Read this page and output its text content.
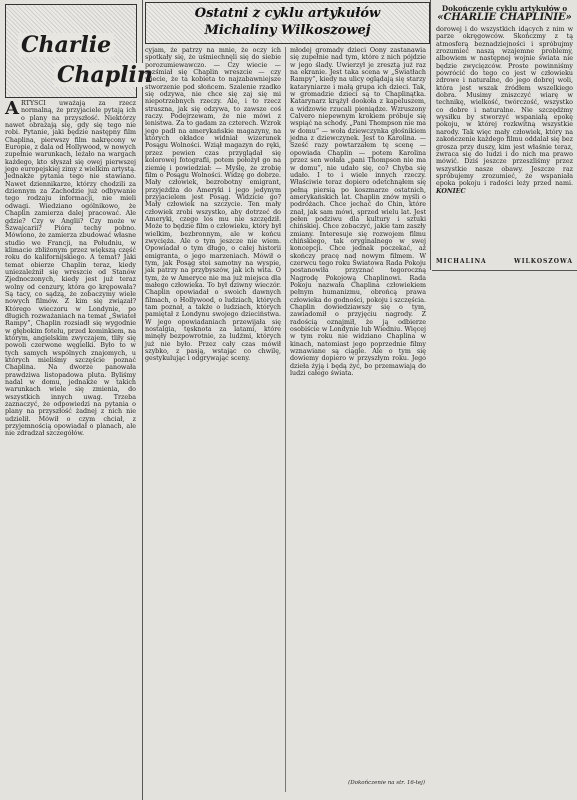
Charlie
Chaplin

ARTYSCI uważają za rzecz normalną, że przyjaciele pytają ich o plany na przyszłość. Niektórzy nawet obrażają się, gdy się tego nie robi. Pytanie, jaki będzie następny film Chaplina, pierwszy film nakręcony w Europie, z dala od Hollywood, w nowych zupełnie warunkach, leżało na wargach każdego, kto słyszał się owej pierwszej jego europejskiej zimy z wielkim artystą. Jednakże pytania tego nie stawiano. Nawet dziennikarze, którzy chodzili za dziennym za Zachodzie już odbywanie tego rodzaju informacji, nie mieli odwagi. Wiedziano ogólnikowo, że Chaplin zamierza dalej pracować. Ale gdzie? Czy w Anglii? Czy może w Szwajcarii? Pióra techy pobno. Mówiono, że zamierza zbudować własne studio we Francji, na Południu, w klimacie zbliżonym przez większą część roku do kalifornijskiego. A temat? Jaki temat obierze Chaplin teraz, kiedy uniezależnił się wreszcie od Stanów Zjednoczonych, kiedy jest już teraz wolny od cenzury, która go krępowała? Są tacy, co sądzą, że zobaczymy wiele nowych filmów. Z kim się związał? Którego wieczoru w Londynie, po długich rozważaniach na temat „Świateł Rampy”, Chaplin rozsiadł się wygodnie w głębokim fotelu, przed kominkiem, na którym, angielskim zwyczajem, tliły się powoli czerwone węgielki. Było to w tych samych wspólnych znajomych, u których mieliśmy szczęście poznać Chaplina. Na dworze panowała prawdziwa listopadowa pluta. Byliśmy nadal w domu, jednakże w takich warunkach wiele się zmienia, do wszystkich innych uwag. Trzeba zaznaczyć, że odpowiedzi na pytania o plany na przyszłość żadnej z nich nie udzielił. Mówił o czym chciał, z przyjemnością opowiadał o planach, ale nie zdradzał szczegółów.

Ostatni z cyklu artykułów
Michaliny Wilkoszowej

cyjam, że patrzy na mnie, że oczy ich spotkały się, że uśmiechnęli się do siebie porozumiewawczo. — Czy wiecie — rozśmiał się Chaplin wreszcie — czy wiecie, że ta kobieta to najzabawniejsze stworzenie pod słońcem. Szalenie rzadko się odzywa, nie chce się zaj się mi niepotrzebnych rzeczy. Ale, i to rzecz straszna, jak się odzywa, to zawsze coś raczy. Podejrzewam, że nie mówi z lenistwa. Za to gadam za czterech. Wzrok jego padł na amerykańskie magazyny, na których okładce widniał wizerunek Posągu Wolności. Wziął magazyn do ręki, przez pewien czas przyglądał się kolorowej fotografii, potem położył go na ziemię i powiedział: — Myślę, że zrobię film o Posągu Wolności. Widzę go dobrze. Mały człowiek, bezrobotny emigrant, przyjeżdża do Ameryki i jego jedynym przyjacielem jest Posąg. Widzicie go? Mały człowiek na szczycie. Ten mały człowiek zrobi wszystko, aby dotrzeć do Ameryki, czego los mu nie szczędził. Może to będzie film o człowieku, który był wielkim, bezbronnym, ale w końcu zwycięża. Ale o tym jeszcze nie wiem. Opowiadał o tym długo, o całej historii emigranta, o jego marzeniach. Mówił o tym, jak Posąg stoi samotny na wyspie, jak patrzy na przybyszów, jak ich wita. O tym, że w Ameryce nie ma już miejsca dla małego człowieka. To był dziwny wieczór. Chaplin opowiadał o swoich dawnych filmach, o Hollywood, o ludziach, których tam poznał, a także o ludziach, których pamiętał z Londynu swojego dzieciństwa. W jego opowiadaniach przewijała się nostalgia, tęsknota za latami, które minęły bezpowrotnie, za ludźmi, których już nie było. Przez cały czas mówił szybko, z pasją, wstając co chwilę, gestykulując i odgrywając sceny.

młodej gromady dzieci Oony zastanawia się zupełnie nad tym, które z nich pójdzie w jego ślady. Uwierzył je zresztą już raz na ekranie. Jest taka scena w „Światłach Rampy”, kiedy na ulicy oglądają się starzy kataryniarze i małą grupa ich dzieci. Tak, w gromadzie dzieci są to Chaplinątka. Katarynarz krążył dookoła z kapeluszem, a widzowie rzucali pieniądze. Wzruszony Calvero niepewnym krokiem próbuje się wspiąć na schody. „Pani Thompson nie ma w domu” — woła dziewczynka głośnikiem jedna z dziewczynek. Jest to Karolina. — Sześć razy powtarzałem tę scenę — opowiada Chaplin — potem Karolina przez sen wołała „pani Thompson nie ma w domu”, nie udało się, co? Chyba się udało. I to i wiele innych rzeczy. Właściwie teraz dopiero odetchnąłem się pełną piersią po koszmarze ostatnich, amerykańskich lat. Chaplin znów myśli o podróżach. Chce jechać do Chin, które znał, jak sam mówi, sprzed wielu lat. Jest pełen podziwu dla kultury i sztuki chińskiej. Chce zobaczyć, jakie tam zaszły zmiany. Interesuje się rozwojem filmu chińskiego, tak oryginalnego w swej koncepcji. Chce jednak poczekać, aż skończy pracę nad nowym filmem. W czerwcu tego roku Światowa Rada Pokoju postanowiła przyznać tegoroczną Nagrodę Pokojową Chaplinowi. Rada Pokoju nazwała Chaplina człowiekiem pełnym humanizmu, obrońcą prawa człowieka do godności, pokoju i szczęścia. Chaplin dowiedziawszy się o tym, zawiadomił o przyjęciu nagrody. Z radością oznajmił, że ją odbierze osobiście w Londynie lub Wiedniu. Więcej w tym roku nie widziano Chaplina w kinach, natomiast jego poprzednie filmy wznawiane są ciągle. Ale o tym się dowiemy dopiero w przyszłym roku. Jego dzieła żyją i będą żyć, bo przemawiają do ludzi całego świata.

(Dokończenie na str. 16-tej)
Dokończenie cyklu artykułów o
«CHARLIE CHAPLINIE»

dorowej i do wszystkich idących z nim w parze okręgowców. Skończmy z tą atmosferą beznadziejności i spróbujmy zrozumieć naszą wzajemne problemy, albowiem w następnej wojnie świata nie będzie zwycięzców. Proste powinniśmy powrócić do tego co jest w człowieku zdrowe i naturalne, do jego dobrej woli, która jest wszak źródłem wszelkiego dobra. Musimy zniszczyć wiarę w technikę, wielkość, twórczość, wszystko co dobre i naturalne. Nie szczędźmy wysiłku by stworzyć wspaniałą epokę pokoju, w której rozkwitną wszystkie narody. Tak więc mały człowiek, który na zakończenie każdego filmu oddalał się bez grosza przy duszy, kim jest właśnie teraz, zwraca się do ludzi i do nich ma prawo mówić. Dziś jeszcze przeszliśmy przez wszystkie nasze obawy. Jeszcze raz spróbujemy zrozumieć, że wspaniała epoka pokoju i radości leży przed nami. KONIEC

MICHALINA	WILKOSZOWA
